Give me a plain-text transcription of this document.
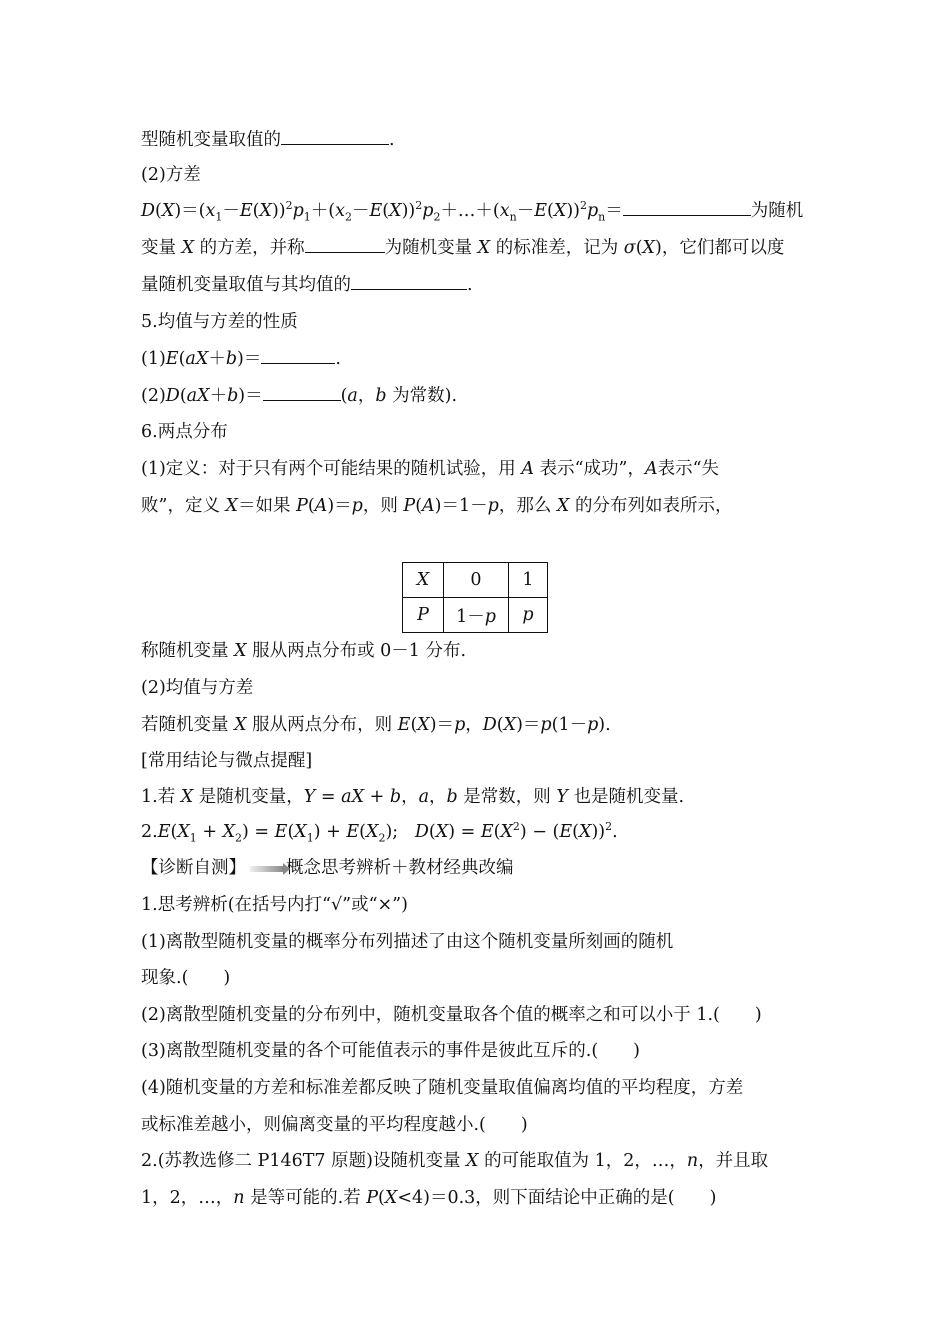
型随机变量取值的	.
(2)方差
$D(X)=(x_1-E(X))^2p_1+(x_2-E(X))^2p_2+\dots+(x_n-E(X))^2p_n=$	为随机
变量 X 的方差，并称	为随机变量 X 的标准差，记为 σ(X)，它们都可以度
量随机变量取值与其均值的	.
5.均值与方差的性质
(1)E(aX＋b)＝	.
(2)D(aX＋b)＝	(a，b 为常数).
6.两点分布
(1)定义：对于只有两个可能结果的随机试验，用 A 表示“成功”，A表示“失
败”，定义 X＝如果 P(A)＝p，则 P(A)＝1－p，那么 X 的分布列如表所示，
X	0	1
P	1－p	p
称随机变量 X 服从两点分布或 0－1 分布.
(2)均值与方差
若随机变量 X 服从两点分布，则 E(X)＝p，D(X)＝p(1－p).
[常用结论与微点提醒]
1.若 X 是随机变量，Y = aX + b，a，b 是常数，则 Y 也是随机变量.
$2.E(X_1 + X_2) = E(X_1) + E(X_2)$;   $D(X) = E(X^2) - (E(X))^2$.
【诊断自测】 概念思考辨析＋教材经典改编
1.思考辨析(在括号内打“√”或“×”)
(1)离散型随机变量的概率分布列描述了由这个随机变量所刻画的随机
现象.(　　)
(2)离散型随机变量的分布列中，随机变量取各个值的概率之和可以小于 1.(　　)
(3)离散型随机变量的各个可能值表示的事件是彼此互斥的.(　　)
(4)随机变量的方差和标准差都反映了随机变量取值偏离均值的平均程度，方差
或标准差越小，则偏离变量的平均程度越小.(　　)
2.(苏教选修二 P146T7 原题)设随机变量 X 的可能取值为 1，2，…，n，并且取
1，2，…，n 是等可能的.若 P(X<4)＝0.3，则下面结论中正确的是(　　)
